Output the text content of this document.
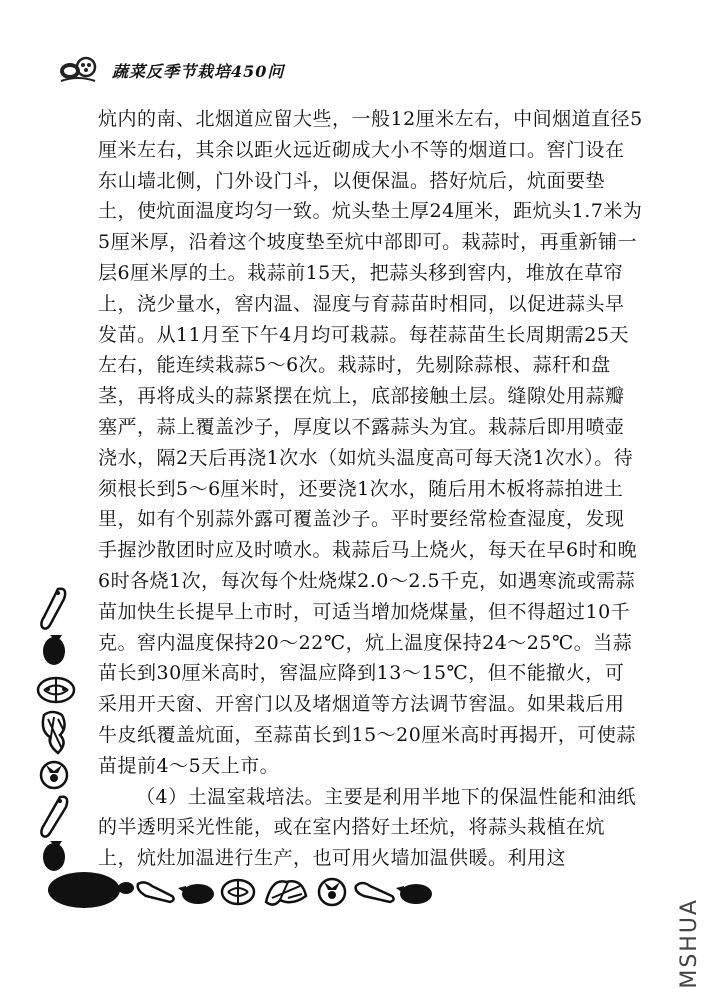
蔬菜反季节栽培450问

炕内的南、北烟道应留大些，一般12厘米左右，中间烟道直径5厘米左右，其余以距火远近砌成大小不等的烟道口。窖门设在东山墙北侧，门外设门斗，以便保温。搭好炕后，炕面要垫土，使炕面温度均匀一致。炕头垫土厚24厘米，距炕头1.7米为5厘米厚，沿着这个坡度垫至炕中部即可。栽蒜时，再重新铺一层6厘米厚的土。栽蒜前15天，把蒜头移到窖内，堆放在草帘上，浇少量水，窖内温、湿度与育蒜苗时相同，以促进蒜头早发苗。从11月至下午4月均可栽蒜。每茬蒜苗生长周期需25天左右，能连续栽蒜5～6次。栽蒜时，先剔除蒜根、蒜秆和盘茎，再将成头的蒜紧摆在炕上，底部接触土层。缝隙处用蒜瓣塞严，蒜上覆盖沙子，厚度以不露蒜头为宜。栽蒜后即用喷壶浇水，隔2天后再浇1次水（如炕头温度高可每天浇1次水）。待须根长到5～6厘米时，还要浇1次水，随后用木板将蒜拍进土里，如有个别蒜外露可覆盖沙子。平时要经常检查湿度，发现手握沙散团时应及时喷水。栽蒜后马上烧火，每天在早6时和晚6时各烧1次，每次每个灶烧煤2.0～2.5千克，如遇寒流或需蒜苗加快生长提早上市时，可适当增加烧煤量，但不得超过10千克。窖内温度保持20～22℃，炕上温度保持24～25℃。当蒜苗长到30厘米高时，窖温应降到13～15℃，但不能撤火，可采用开天窗、开窖门以及堵烟道等方法调节窖温。如果栽后用牛皮纸覆盖炕面，至蒜苗长到15～20厘米高时再揭开，可使蒜苗提前4～5天上市。

（4）土温室栽培法。主要是利用半地下的保温性能和油纸的半透明采光性能，或在室内搭好土坯炕，将蒜头栽植在炕上，炕灶加温进行生产，也可用火墙加温供暖。利用这

MSHUA
